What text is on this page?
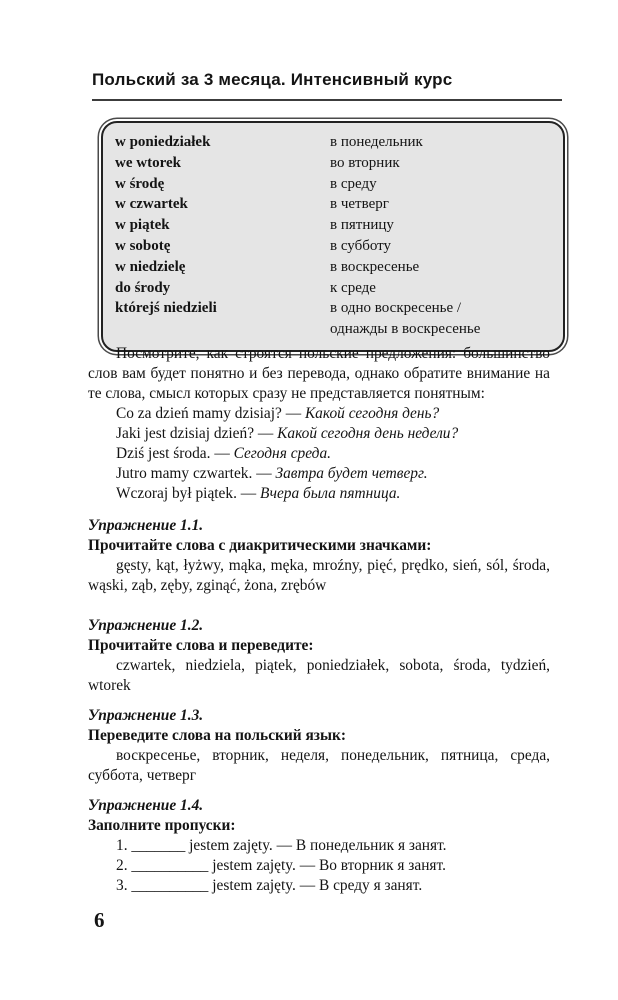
Польский за 3 месяца. Интенсивный курс
w poniedziałek	в понедельник
we wtorek	во вторник
w środę	в среду
w czwartek	в четверг
w piątek	в пятницу
w sobotę	в субботу
w niedzielę	в воскресенье
do środy	к среде
którejś niedzieli	в одно воскресенье /
однажды в воскресенье

Посмотрите, как строятся польские предложения: большинство слов вам будет понятно и без перевода, однако обратите внимание на те слова, смысл которых сразу не представляется понятным:

Co za dzień mamy dzisiaj? — Какой сегодня день?
Jaki jest dzisiaj dzień? — Какой сегодня день недели?
Dziś jest środa. — Сегодня среда.
Jutro mamy czwartek. — Завтра будет четверг.
Wczoraj był piątek. — Вчера была пятница.
Упражнение 1.1.
Прочитайте слова с диакритическими значками:

gęsty, kąt, łyżwy, mąka, męka, mroźny, pięć, prędko, sień, sól, środa, wąski, ząb, zęby, zginąć, żona, zrębów

Упражнение 1.2.
Прочитайте слова и переведите:

czwartek, niedziela, piątek, poniedziałek, sobota, środa, tydzień, wtorek

Упражнение 1.3.
Переведите слова на польский язык:

воскресенье, вторник, неделя, понедельник, пятница, среда, суббота, четверг

Упражнение 1.4.
Заполните пропуски:
1. _______ jestem zajęty. — В понедельник я занят.
2. __________ jestem zajęty. — Во вторник я занят.
3. __________ jestem zajęty. — В среду я занят.
6
